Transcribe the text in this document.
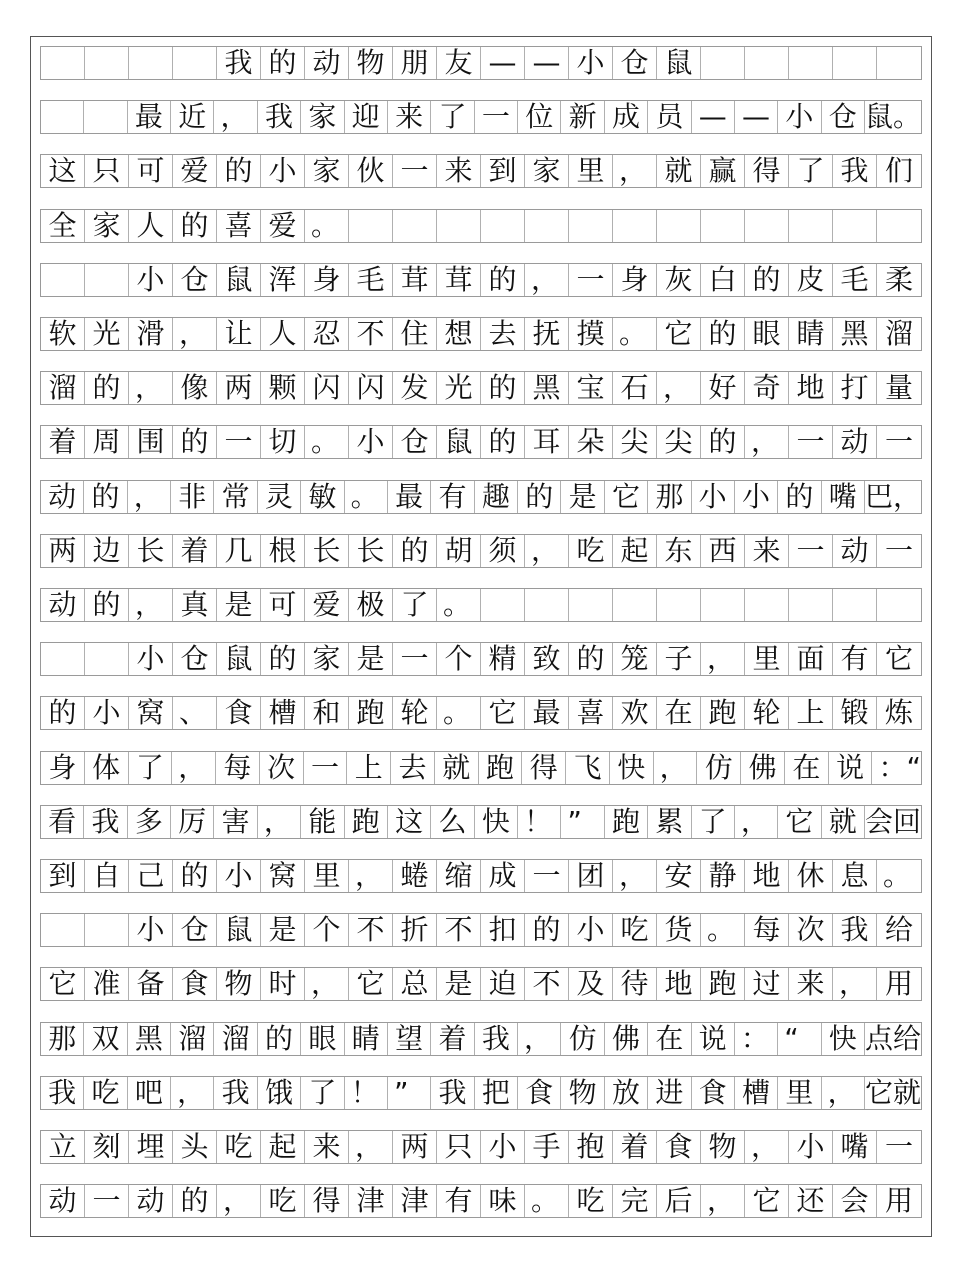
我 的 动 物 朋 友 — — 小 仓 鼠
最 近 ， 我 家 迎 来 了 一 位 新 成 员 — — 小 仓 鼠。
这 只 可 爱 的 小 家 伙 一 来 到 家 里 ， 就 赢 得 了 我 们
全 家 人 的 喜 爱 。
小 仓 鼠 浑 身 毛 茸 茸 的 ， 一 身 灰 白 的 皮 毛 柔
软 光 滑 ， 让 人 忍 不 住 想 去 抚 摸 。 它 的 眼 睛 黑 溜
溜 的 ， 像 两 颗 闪 闪 发 光 的 黑 宝 石 ， 好 奇 地 打 量
着 周 围 的 一 切 。 小 仓 鼠 的 耳 朵 尖 尖 的 ， 一 动 一
动 的 ， 非 常 灵 敏 。 最 有 趣 的 是 它 那 小 小 的 嘴 巴，
两 边 长 着 几 根 长 长 的 胡 须 ， 吃 起 东 西 来 一 动 一
动 的 ， 真 是 可 爱 极 了 。
小 仓 鼠 的 家 是 一 个 精 致 的 笼 子 ， 里 面 有 它
的 小 窝 、 食 槽 和 跑 轮 。 它 最 喜 欢 在 跑 轮 上 锻 炼
身 体 了 ， 每 次 一 上 去 就 跑 得 飞 快 ， 仿 佛 在 说 ：“
看 我 多 厉 害 ， 能 跑 这 么 快 ！ ”	跑 累 了 ， 它 就 会回
到 自 己 的 小 窝 里 ， 蜷 缩 成 一 团 ， 安 静 地 休 息 。
小 仓 鼠 是 个 不 折 不 扣 的 小 吃 货 。 每 次 我 给
它 准 备 食 物 时 ， 它 总 是 迫 不 及 待 地 跑 过 来 ， 用
那 双 黑 溜 溜 的 眼 睛 望 着 我 ， 仿 佛 在 说 ： “	快 点给
我 吃 吧 ， 我 饿 了 ！ ”	我 把 食 物 放 进 食 槽 里 ， 它就
立 刻 埋 头 吃 起 来 ， 两 只 小 手 抱 着 食 物 ， 小 嘴 一
动 一 动 的 ， 吃 得 津 津 有 味 。 吃 完 后 ， 它 还 会 用
